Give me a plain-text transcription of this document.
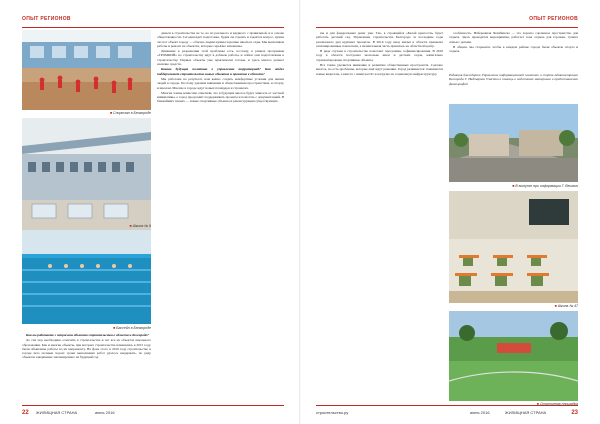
ОПЫТ РЕГИОНОВ	ОПЫТ РЕГИОНОВ
■ Спортзал в Белгороде
■ Школа № 9
■ Бассейн в Белгороде

Как вы работаете с вопросами объектов строительства в области и Белгороде?

До сих пор необходимо отметить в строительстве и лет все на объектах школьного образования. Как и многие объекты, при которых строительства начинались в 2015 году, были объявлены работы по их капремонту. На фоне этого в 2016 году строительство в городе шло полным ходом: сроки выполнения работ удалось выдержать, по ряду объектов завершение запланировано на будущий год.

деньги в строительстве не те, но из реального и ядерного с правильной, и в основе общественности. Сегодня идёт подготовка, будем ли строить и задаётся вопрос, нужен ли этот объект городу — обычно людям нужны хорошие школы и сады. Мы выполняем работы и ремонт на объектах, которые серьёзно изношены.

Движение в разрешении этой проблемы есть, поэтому, в рамках программы «ГРОМКИЙ» по строительству идут в добавок работы, и сейчас они подготовлены к строительству. Первые объекты уже практически готовы, и здесь многое решает наличие средств.

Какова будущая политика в управлении территорией? Как отдел поддерживает строительство новых объектов и проектов в области?

Мы работаем на результат, нам важно создать комфортные условия для жизни людей в городе. Поэтому уделяем внимание и общественным пространствам, и спорту, и школам. Многие в городе ждут новых площадок и строим их.

Многие члены комиссии отметили, что в будущем многое будет зависеть от частной инициативы, а город продолжит поддерживать проекты и помогать с документацией. В ближайших планах — новые спортивные объекты и реконструкция существующих.

ны и для федеральных денег уже. Так, в строящейся «Белой крепости» будет работать детский сад. Управление строительства Белгорода за последние годы реализовало ряд крупных проектов. В 2016 году ввод жилья в области превысил запланированные показатели, а значительная часть пришлась на областной центр.

В ряде случаев в строительстве помогают программы софинансирования. В 2016 году в области построено несколько школ и детских садов, капитально отремонтированы спортивные объекты.

Все также уделяется внимание и развитию общественных пространств. Сделано многое, но есть проблемы, которые ещё ждут решения. Город развивается: появляются новые кварталы, а вместе с ними растёт и нагрузка на социальную инфраструктуру.

особенность. Набережная Челябинска — это хорошо сделанное пространство для отдыха. Здесь проводятся мероприятия, работает зона отдыха для горожан, гуляют семьи с детьми.

В общем, мы стараемся, чтобы в каждом районе города были объекты спорта и отдыха.

Редакция благодарит Управление информационной политики и спорта Администрации Белгорода Г. Надтарова Участки в помощь в подготовке материала и предоставлении фотографий
■ В выпуске при информации Г. Вешкин
■ Школа № 47
■ Спортивная площадка
22 ЖИЛИЩНАЯ СТРАНА	июнь 2016	строительство.ру	июнь 2016	ЖИЛИЩНАЯ СТРАНА	23
